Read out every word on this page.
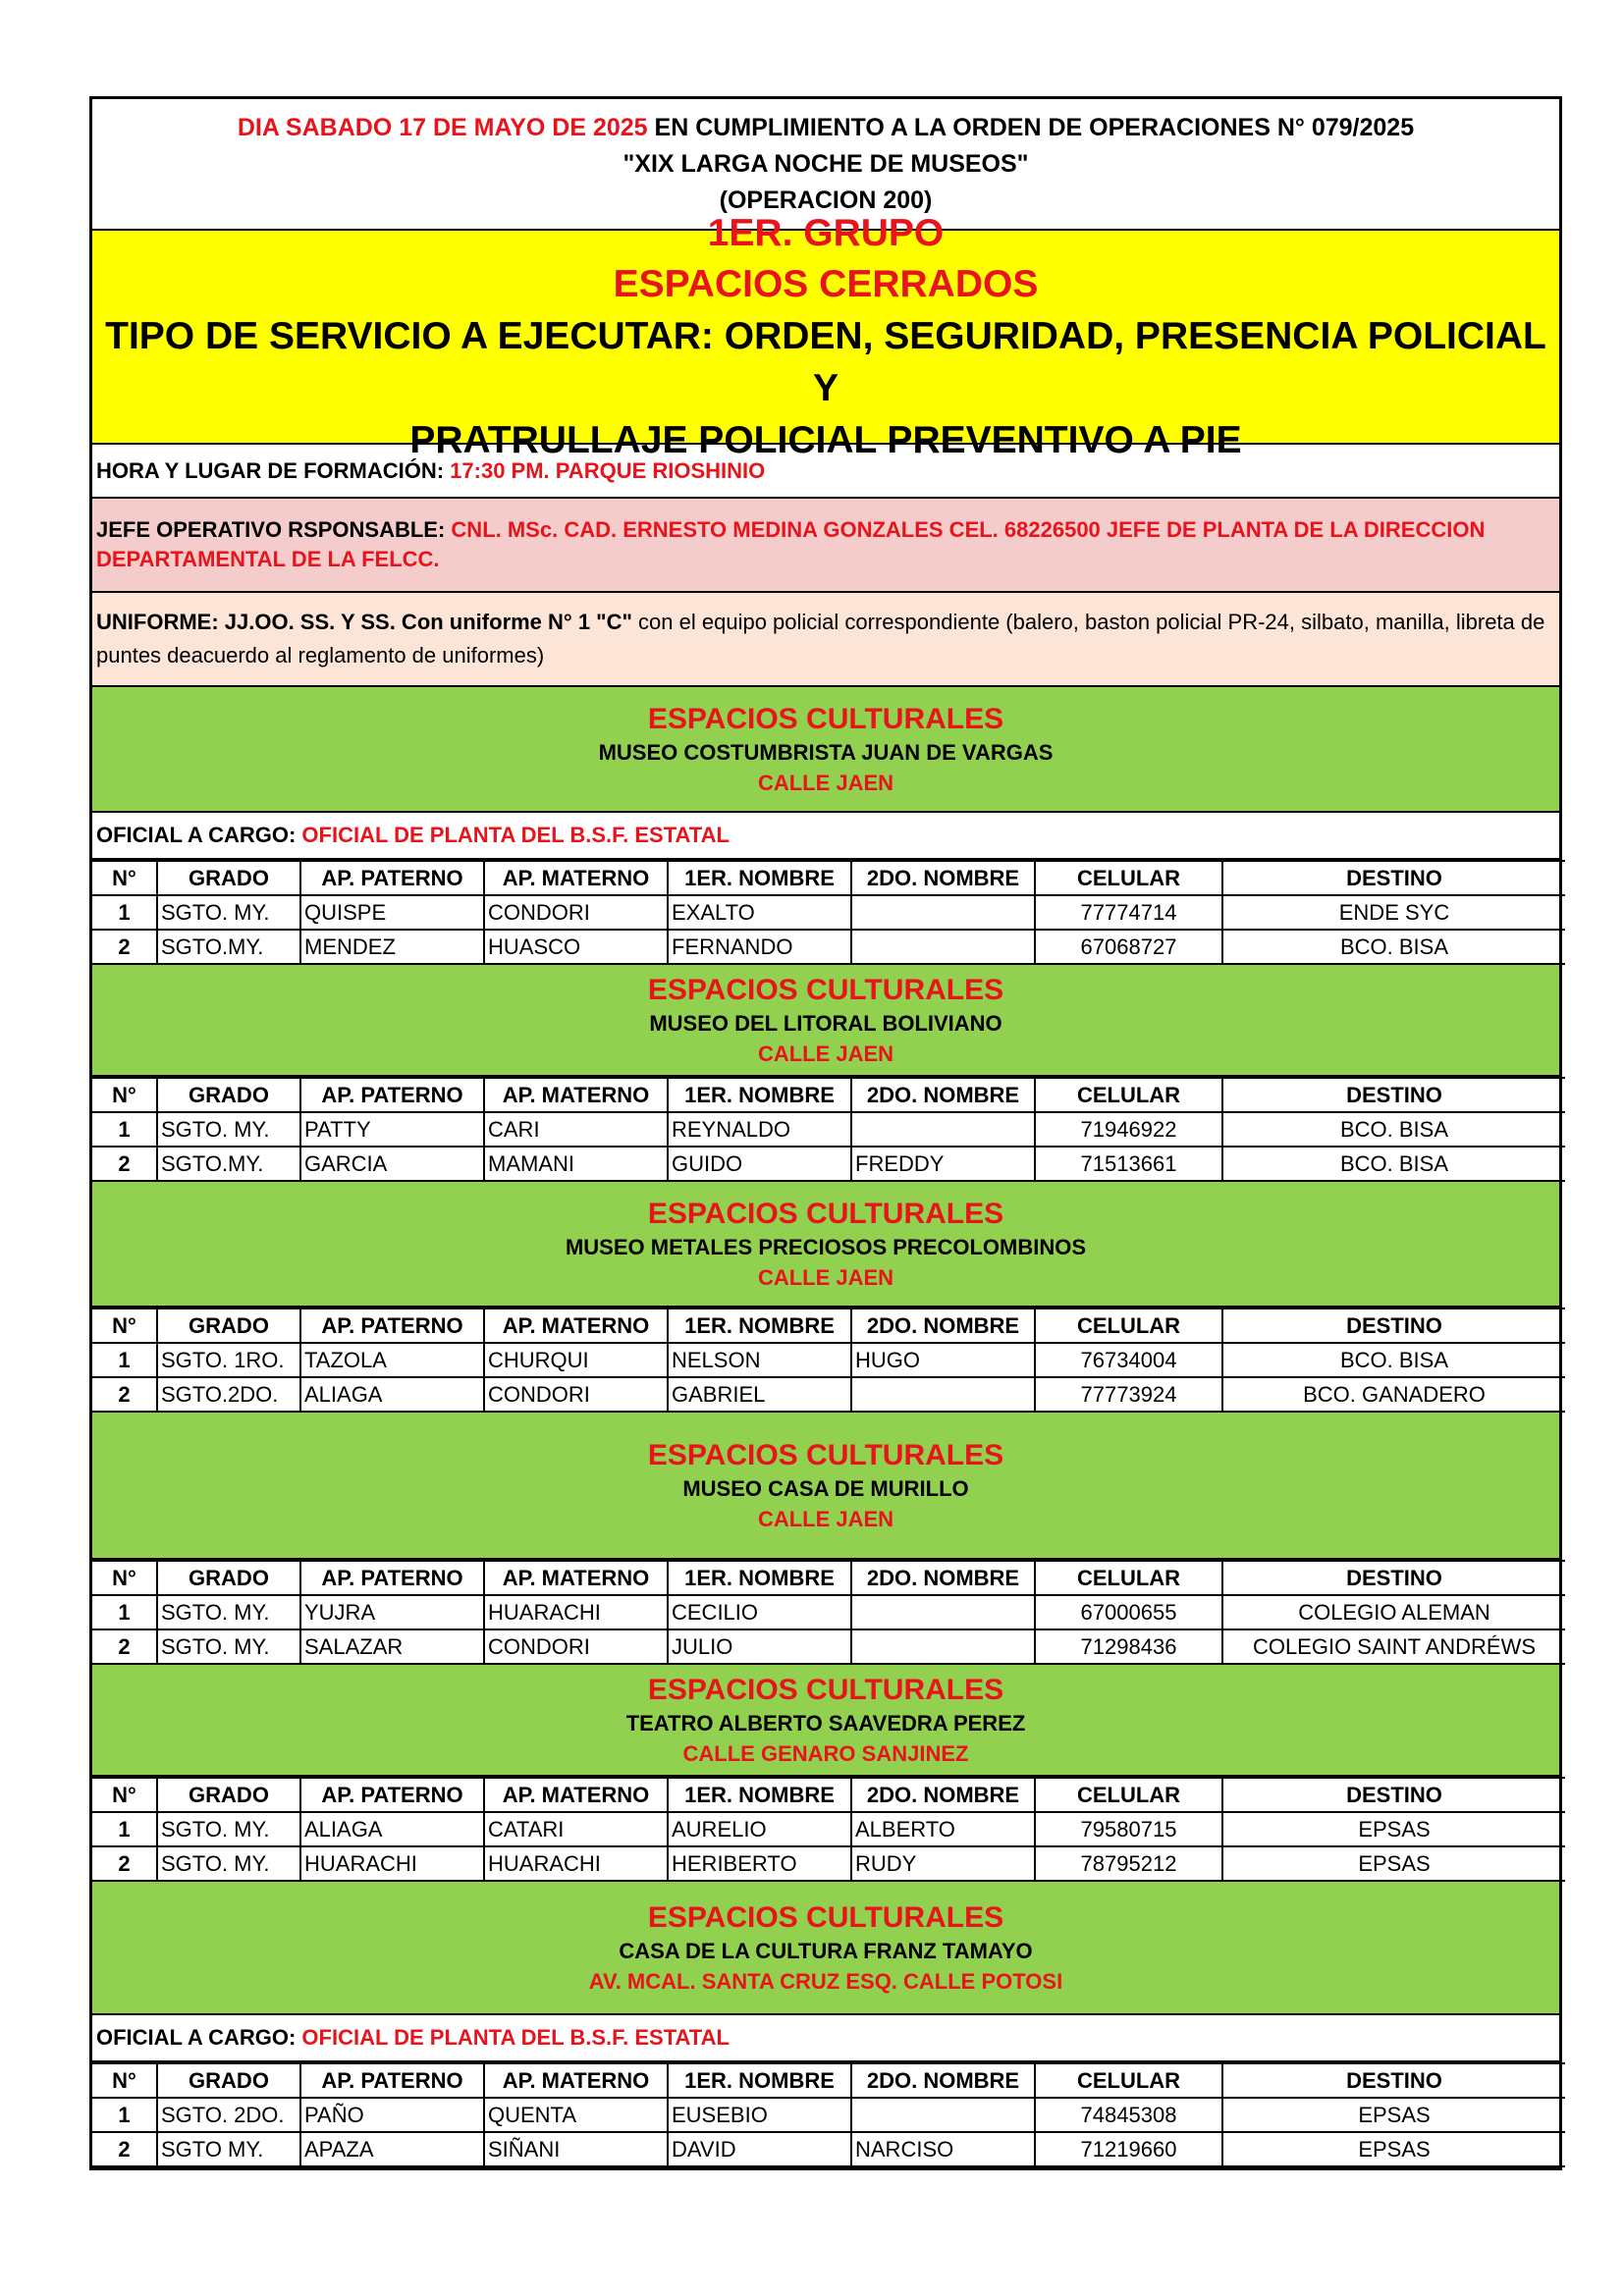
DIA SABADO 17 DE MAYO DE 2025 EN CUMPLIMIENTO A LA ORDEN DE OPERACIONES N° 079/2025
"XIX LARGA NOCHE DE MUSEOS"
(OPERACION 200)
1ER. GRUPO
ESPACIOS CERRADOS
TIPO DE SERVICIO A EJECUTAR: ORDEN, SEGURIDAD, PRESENCIA POLICIAL Y
PRATRULLAJE POLICIAL PREVENTIVO A PIE
HORA Y LUGAR DE FORMACIÓN: 17:30 PM. PARQUE RIOSHINIO
JEFE OPERATIVO RSPONSABLE: CNL. MSc. CAD. ERNESTO MEDINA GONZALES CEL. 68226500 JEFE DE PLANTA DE LA DIRECCION DEPARTAMENTAL DE LA FELCC.
UNIFORME: JJ.OO. SS. Y SS. Con uniforme N° 1 "C" con el equipo policial correspondiente (balero, baston policial PR-24, silbato, manilla, libreta de puntes deacuerdo al reglamento de uniformes)
ESPACIOS CULTURALES
MUSEO COSTUMBRISTA JUAN DE VARGAS
CALLE JAEN
OFICIAL A CARGO: OFICIAL DE PLANTA DEL B.S.F. ESTATAL
N°	GRADO	AP. PATERNO	AP. MATERNO	1ER. NOMBRE	2DO. NOMBRE	CELULAR	DESTINO
1	SGTO. MY.	QUISPE	CONDORI	EXALTO		77774714	ENDE SYC
2	SGTO.MY.	MENDEZ	HUASCO	FERNANDO		67068727	BCO. BISA
ESPACIOS CULTURALES
MUSEO DEL LITORAL BOLIVIANO
CALLE JAEN
N°	GRADO	AP. PATERNO	AP. MATERNO	1ER. NOMBRE	2DO. NOMBRE	CELULAR	DESTINO
1	SGTO. MY.	PATTY	CARI	REYNALDO		71946922	BCO. BISA
2	SGTO.MY.	GARCIA	MAMANI	GUIDO	FREDDY	71513661	BCO. BISA
ESPACIOS CULTURALES
MUSEO METALES PRECIOSOS PRECOLOMBINOS
CALLE JAEN
N°	GRADO	AP. PATERNO	AP. MATERNO	1ER. NOMBRE	2DO. NOMBRE	CELULAR	DESTINO
1	SGTO. 1RO.	TAZOLA	CHURQUI	NELSON	HUGO	76734004	BCO. BISA
2	SGTO.2DO.	ALIAGA	CONDORI	GABRIEL		77773924	BCO. GANADERO
ESPACIOS CULTURALES
MUSEO CASA DE MURILLO
CALLE JAEN
N°	GRADO	AP. PATERNO	AP. MATERNO	1ER. NOMBRE	2DO. NOMBRE	CELULAR	DESTINO
1	SGTO. MY.	YUJRA	HUARACHI	CECILIO		67000655	COLEGIO ALEMAN
2	SGTO. MY.	SALAZAR	CONDORI	JULIO		71298436	COLEGIO SAINT ANDRÉWS
ESPACIOS CULTURALES
TEATRO ALBERTO SAAVEDRA PEREZ
CALLE GENARO SANJINEZ
N°	GRADO	AP. PATERNO	AP. MATERNO	1ER. NOMBRE	2DO. NOMBRE	CELULAR	DESTINO
1	SGTO. MY.	ALIAGA	CATARI	AURELIO	ALBERTO	79580715	EPSAS
2	SGTO. MY.	HUARACHI	HUARACHI	HERIBERTO	RUDY	78795212	EPSAS
ESPACIOS CULTURALES
CASA DE LA CULTURA FRANZ TAMAYO
AV. MCAL. SANTA CRUZ ESQ. CALLE POTOSI
OFICIAL A CARGO: OFICIAL DE PLANTA DEL B.S.F. ESTATAL
N°	GRADO	AP. PATERNO	AP. MATERNO	1ER. NOMBRE	2DO. NOMBRE	CELULAR	DESTINO
1	SGTO. 2DO.	PAÑO	QUENTA	EUSEBIO		74845308	EPSAS
2	SGTO MY.	APAZA	SIÑANI	DAVID	NARCISO	71219660	EPSAS
